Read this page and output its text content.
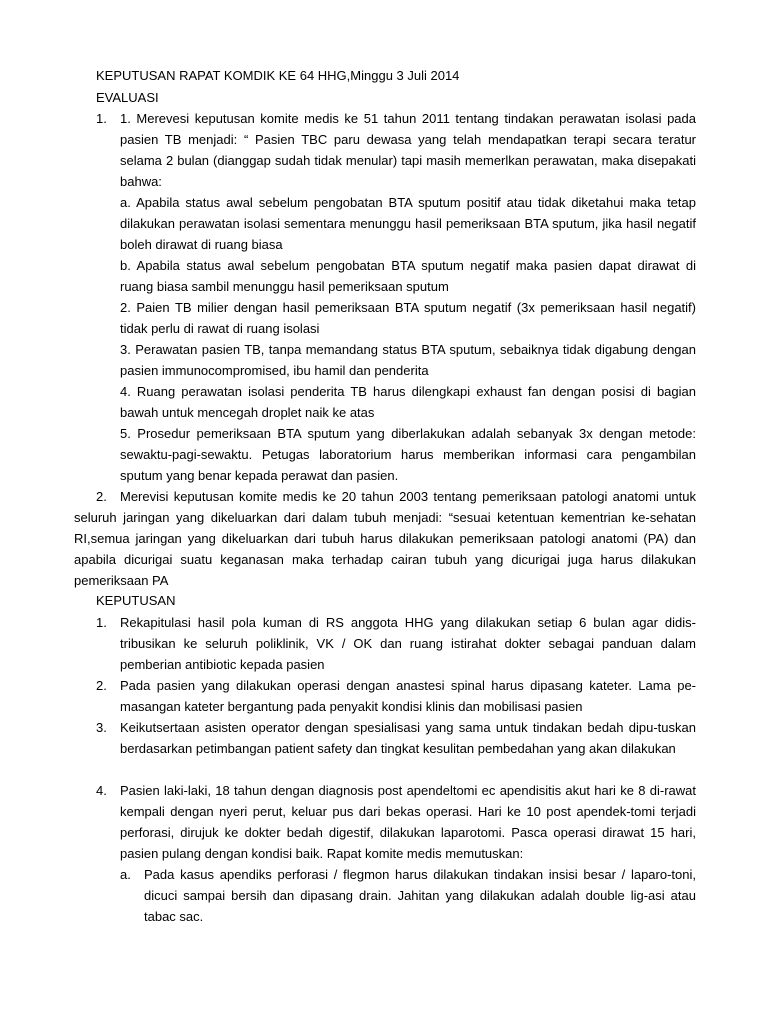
KEPUTUSAN RAPAT KOMDIK KE 64 HHG,Minggu 3 Juli 2014
EVALUASI
1. 1. Merevesi keputusan komite medis ke 51 tahun 2011 tentang tindakan perawatan isolasi pada pasien TB menjadi: “ Pasien TBC paru dewasa yang telah mendapatkan terapi secara teratur selama 2 bulan (dianggap sudah tidak menular) tapi masih memerlkan perawatan, maka disepakati bahwa:
a. Apabila status awal sebelum pengobatan BTA sputum positif atau tidak diketahui maka tetap dilakukan perawatan isolasi sementara menunggu hasil pemeriksaan BTA sputum, jika hasil negatif boleh dirawat di ruang biasa
b. Apabila status awal sebelum pengobatan BTA sputum negatif maka pasien dapat dirawat di ruang biasa sambil menunggu hasil pemeriksaan sputum
2. Paien TB milier dengan hasil pemeriksaan BTA sputum negatif (3x pemeriksaan hasil negatif) tidak perlu di rawat di ruang isolasi
3. Perawatan pasien TB, tanpa memandang status BTA sputum, sebaiknya tidak digabung dengan pasien immunocompromised, ibu hamil dan penderita
4. Ruang perawatan isolasi penderita TB harus dilengkapi exhaust fan dengan posisi di bagian bawah untuk mencegah droplet naik ke atas
5. Prosedur pemeriksaan BTA sputum yang diberlakukan adalah sebanyak 3x dengan metode: sewaktu-pagi-sewaktu. Petugas laboratorium harus memberikan informasi cara pengambilan sputum yang benar kepada perawat dan pasien.
2.	Merevisi keputusan komite medis ke 20 tahun 2003 tentang pemeriksaan patologi anatomi untuk seluruh jaringan yang dikeluarkan dari dalam tubuh menjadi: “sesuai ketentuan kementrian ke-sehatan RI,semua jaringan yang dikeluarkan dari tubuh harus dilakukan pemeriksaan patologi anatomi (PA) dan apabila dicurigai suatu keganasan maka terhadap cairan tubuh yang dicurigai juga harus dilakukan pemeriksaan PA
KEPUTUSAN
1. Rekapitulasi hasil pola kuman di RS anggota HHG yang dilakukan setiap 6 bulan agar didis-tribusikan ke seluruh poliklinik, VK / OK dan ruang istirahat dokter sebagai panduan dalam pemberian antibiotic kepada pasien
2. Pada pasien yang dilakukan operasi dengan anastesi spinal harus dipasang kateter. Lama pe-masangan kateter bergantung pada penyakit kondisi klinis dan mobilisasi pasien
3. Keikutsertaan asisten operator dengan spesialisasi yang sama untuk tindakan bedah dipu-tuskan berdasarkan petimbangan patient safety dan tingkat kesulitan pembedahan yang akan dilakukan
4. Pasien laki-laki, 18 tahun dengan diagnosis post apendeltomi ec apendisitis akut hari ke 8 di-rawat kempali dengan nyeri perut, keluar pus dari bekas operasi. Hari ke 10 post apendek-tomi terjadi perforasi, dirujuk ke dokter bedah digestif, dilakukan laparotomi. Pasca operasi dirawat 15 hari, pasien pulang dengan kondisi baik. Rapat komite medis memutuskan:
a. Pada kasus apendiks perforasi / flegmon harus dilakukan tindakan insisi besar / laparo-toni, dicuci sampai bersih dan dipasang drain. Jahitan yang dilakukan adalah double lig-asi atau tabac sac.
